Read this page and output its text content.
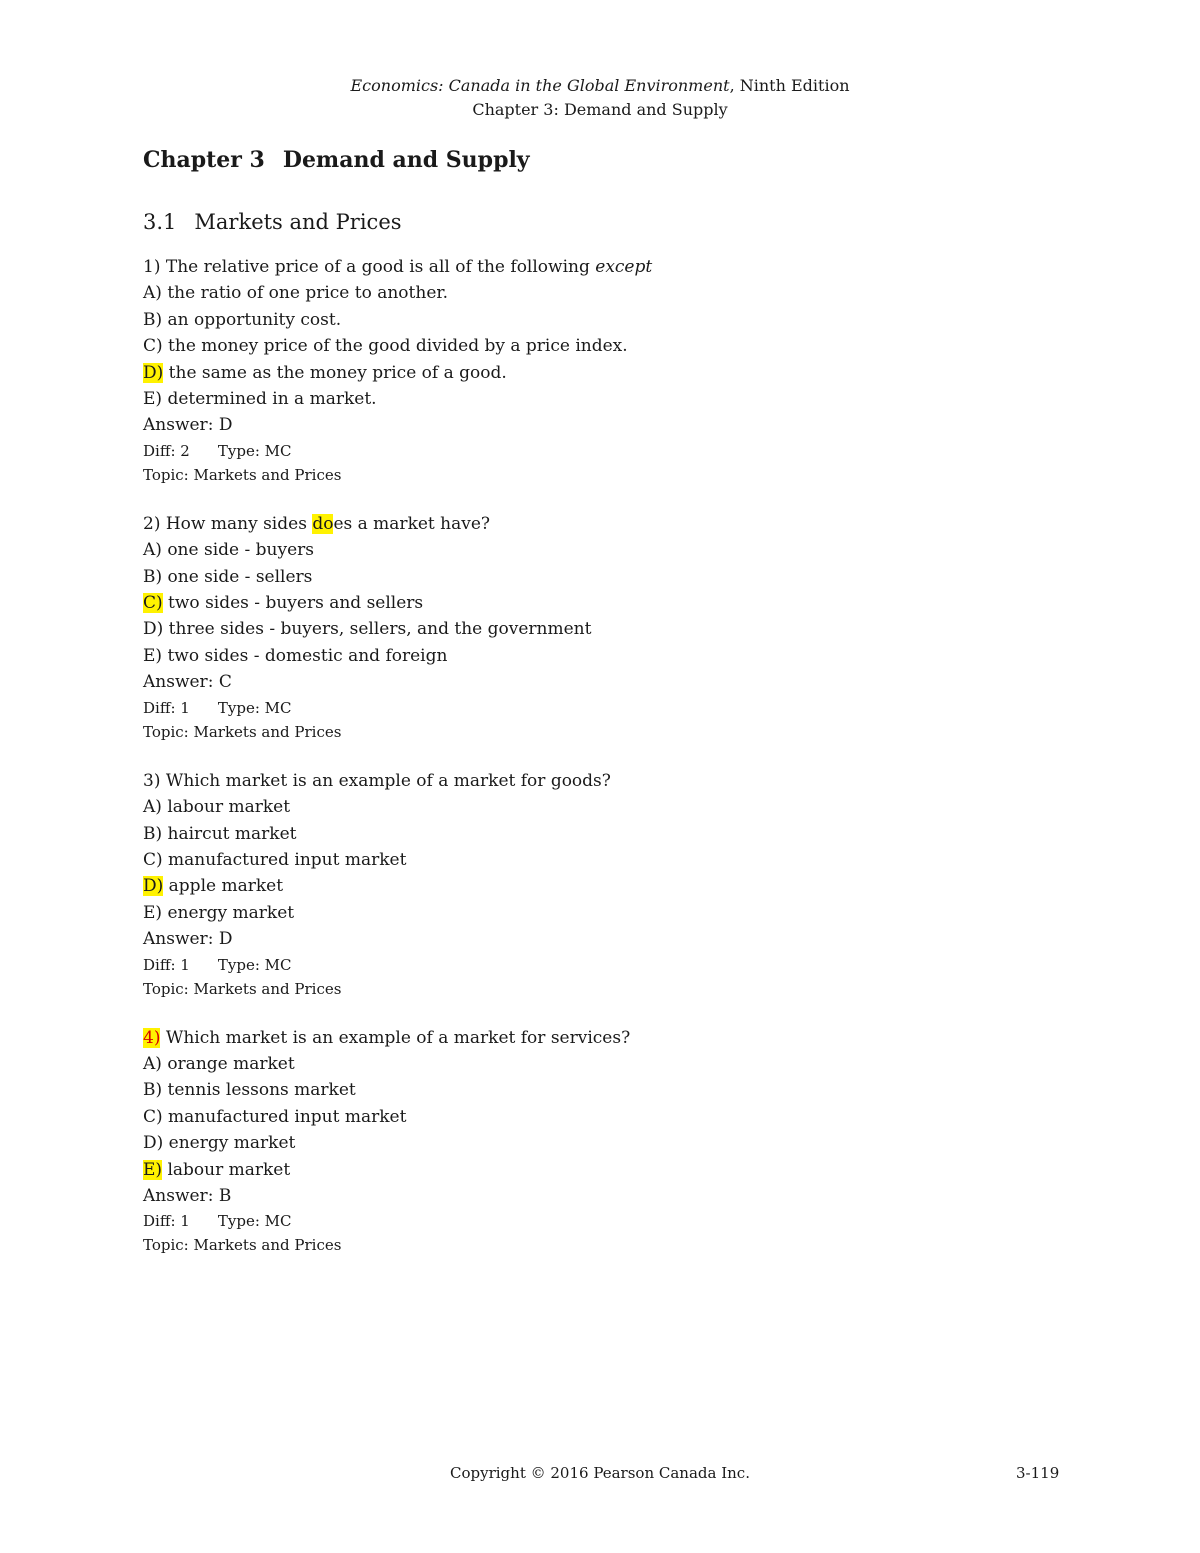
Economics: Canada in the Global Environment, Ninth Edition
Chapter 3: Demand and Supply
Chapter 3 Demand and Supply
3.1 Markets and Prices
1) The relative price of a good is all of the following except
A) the ratio of one price to another.
B) an opportunity cost.
C) the money price of the good divided by a price index.
D) the same as the money price of a good.
E) determined in a market.
Answer: D
Diff: 2 Type: MC
Topic: Markets and Prices
2) How many sides does a market have?
A) one side - buyers
B) one side - sellers
C) two sides - buyers and sellers
D) three sides - buyers, sellers, and the government
E) two sides - domestic and foreign
Answer: C
Diff: 1 Type: MC
Topic: Markets and Prices
3) Which market is an example of a market for goods?
A) labour market
B) haircut market
C) manufactured input market
D) apple market
E) energy market
Answer: D
Diff: 1 Type: MC
Topic: Markets and Prices
4) Which market is an example of a market for services?
A) orange market
B) tennis lessons market
C) manufactured input market
D) energy market
E) labour market
Answer: B
Diff: 1 Type: MC
Topic: Markets and Prices
Copyright © 2016 Pearson Canada Inc.	3-119
